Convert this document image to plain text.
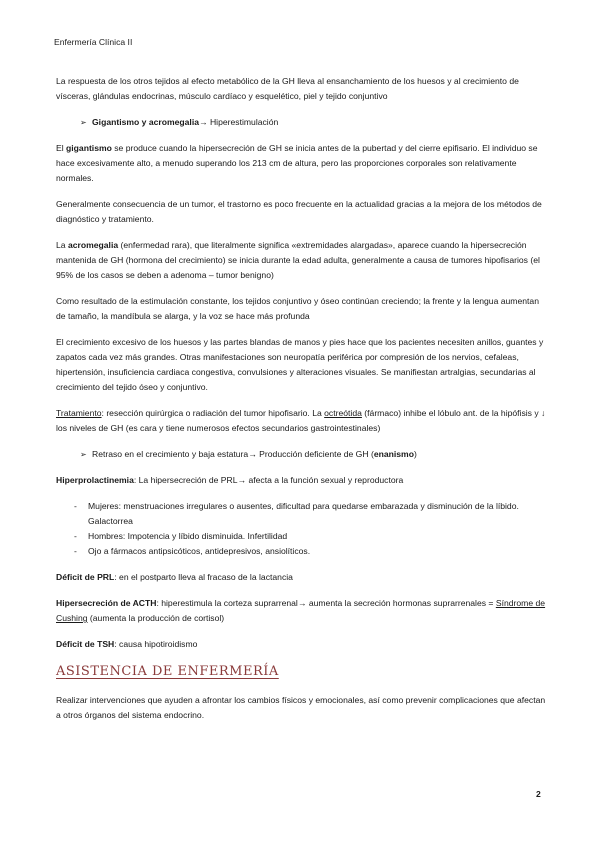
Enfermería Clínica II

La respuesta de los otros tejidos al efecto metabólico de la GH lleva al ensanchamiento de los huesos y al crecimiento de vísceras, glándulas endocrinas, músculo cardíaco y esquelético, piel y tejido conjuntivo

➢ Gigantismo y acromegalia→ Hiperestimulación

El gigantismo se produce cuando la hipersecreción de GH se inicia antes de la pubertad y del cierre epifisario. El individuo se hace excesivamente alto, a menudo superando los 213 cm de altura, pero las proporciones corporales son relativamente normales.

Generalmente consecuencia de un tumor, el trastorno es poco frecuente en la actualidad gracias a la mejora de los métodos de diagnóstico y tratamiento.

La acromegalia (enfermedad rara), que literalmente significa «extremidades alargadas», aparece cuando la hipersecreción mantenida de GH (hormona del crecimiento) se inicia durante la edad adulta, generalmente a causa de tumores hipofisarios (el 95% de los casos se deben a adenoma – tumor benigno)

Como resultado de la estimulación constante, los tejidos conjuntivo y óseo continúan creciendo; la frente y la lengua aumentan de tamaño, la mandíbula se alarga, y la voz se hace más profunda

El crecimiento excesivo de los huesos y las partes blandas de manos y pies hace que los pacientes necesiten anillos, guantes y zapatos cada vez más grandes. Otras manifestaciones son neuropatía periférica por compresión de los nervios, cefaleas, hipertensión, insuficiencia cardiaca congestiva, convulsiones y alteraciones visuales. Se manifiestan artralgias, secundarias al crecimiento del tejido óseo y conjuntivo.

Tratamiento: resección quirúrgica o radiación del tumor hipofisario. La octreótida (fármaco) inhibe el lóbulo ant. de la hipófisis y ↓ los niveles de GH (es cara y tiene numerosos efectos secundarios gastrointestinales)

➢ Retraso en el crecimiento y baja estatura→ Producción deficiente de GH (enanismo)

Hiperprolactinemia: La hipersecreción de PRL→ afecta a la función sexual y reproductora

-	Mujeres: menstruaciones irregulares o ausentes, dificultad para quedarse embarazada y disminución de la líbido. Galactorrea
-	Hombres: Impotencia y líbido disminuida. Infertilidad
-	Ojo a fármacos antipsicóticos, antidepresivos, ansiolíticos.

Déficit de PRL: en el postparto lleva al fracaso de la lactancia

Hipersecreción de ACTH: hiperestimula la corteza suprarrenal→ aumenta la secreción hormonas suprarrenales = Síndrome de Cushing (aumenta la producción de cortisol)

Déficit de TSH: causa hipotiroidismo

ASISTENCIA DE ENFERMERÍA

Realizar intervenciones que ayuden a afrontar los cambios físicos y emocionales, así como prevenir complicaciones que afectan a otros órganos del sistema endocrino.

2
